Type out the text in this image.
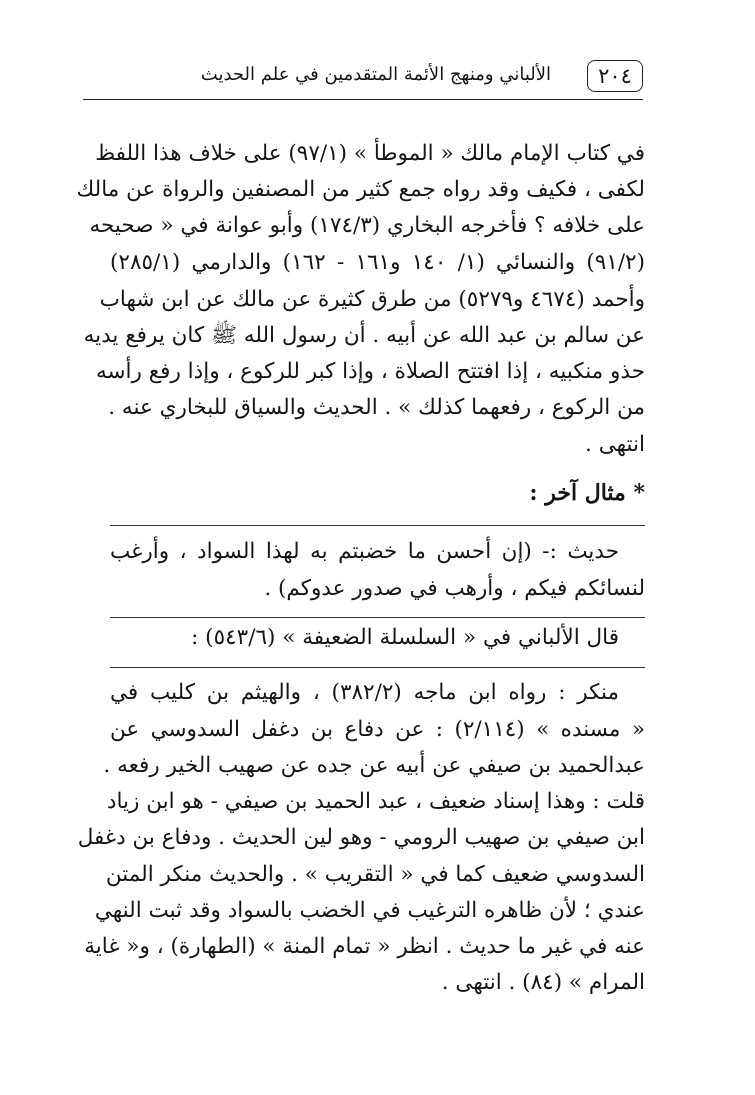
٢٠٤
الألباني ومنهج الأئمة المتقدمين في علم الحديث
في كتاب الإمام مالك « الموطأ » (٩٧/١) على خلاف هذا اللفظ
لكفى ، فكيف وقد رواه جمع كثير من المصنفين والرواة عن مالك
على خلافه ؟ فأخرجه البخاري (١٧٤/٣) وأبو عوانة في « صحيحه
(٩١/٢) والنسائي (١/ ١٤٠ و١٦١ - ١٦٢) والدارمي (٢٨٥/١)
وأحمد (٤٦٧٤ و٥٢٧٩) من طرق كثيرة عن مالك عن ابن شهاب
عن سالم بن عبد الله عن أبيه . أن رسول الله ﷺ كان يرفع يديه
حذو منكبيه ، إذا افتتح الصلاة ، وإذا كبر للركوع ، وإذا رفع رأسه
من الركوع ، رفعهما كذلك » . الحديث والسياق للبخاري عنه .
انتهى .
* مثال آخر :
حديث :- (إن أحسن ما خضبتم به لهذا السواد ، وأرغب
لنسائكم فيكم ، وأرهب في صدور عدوكم) .
قال الألباني في « السلسلة الضعيفة » (٥٤٣/٦) :
منكر : رواه ابن ماجه (٣٨٢/٢) ، والهيثم بن كليب في
« مسنده » (٢/١١٤) : عن دفاع بن دغفل السدوسي عن
عبدالحميد بن صيفي عن أبيه عن جده عن صهيب الخير رفعه .
قلت : وهذا إسناد ضعيف ، عبد الحميد بن صيفي - هو ابن زياد
ابن صيفي بن صهيب الرومي - وهو لين الحديث . ودفاع بن دغفل
السدوسي ضعيف كما في « التقريب » . والحديث منكر المتن
عندي ؛ لأن ظاهره الترغيب في الخضب بالسواد وقد ثبت النهي
عنه في غير ما حديث . انظر « تمام المنة » (الطهارة) ، و« غاية
المرام » (٨٤) . انتهى .
